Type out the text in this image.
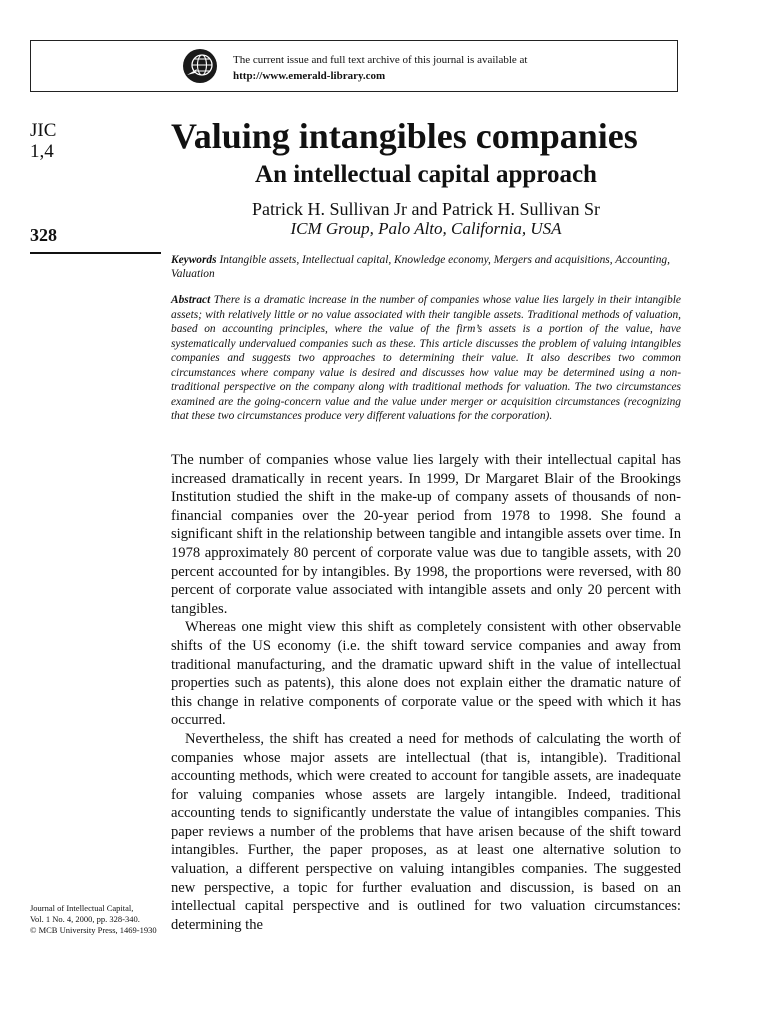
The current issue and full text archive of this journal is available at
http://www.emerald-library.com
JIC
1,4
328
Journal of Intellectual Capital,
Vol. 1 No. 4, 2000, pp. 328-340.
© MCB University Press, 1469-1930
Valuing intangibles companies
An intellectual capital approach
Patrick H. Sullivan Jr and Patrick H. Sullivan Sr
ICM Group, Palo Alto, California, USA
Keywords Intangible assets, Intellectual capital, Knowledge economy, Mergers and acquisitions, Accounting, Valuation
Abstract There is a dramatic increase in the number of companies whose value lies largely in their intangible assets; with relatively little or no value associated with their tangible assets. Traditional methods of valuation, based on accounting principles, where the value of the firm’s assets is a portion of the value, have systematically undervalued companies such as these. This article discusses the problem of valuing intangibles companies and suggests two approaches to determining their value. It also describes two common circumstances where company value is desired and discusses how value may be determined using a non-traditional perspective on the company along with traditional methods for valuation. The two circumstances examined are the going-concern value and the value under merger or acquisition circumstances (recognizing that these two circumstances produce very different valuations for the corporation).

The number of companies whose value lies largely with their intellectual capital has increased dramatically in recent years. In 1999, Dr Margaret Blair of the Brookings Institution studied the shift in the make-up of company assets of thousands of non-financial companies over the 20-year period from 1978 to 1998. She found a significant shift in the relationship between tangible and intangible assets over time. In 1978 approximately 80 percent of corporate value was due to tangible assets, with 20 percent accounted for by intangibles. By 1998, the proportions were reversed, with 80 percent of corporate value associated with intangible assets and only 20 percent with tangibles.

Whereas one might view this shift as completely consistent with other observable shifts of the US economy (i.e. the shift toward service companies and away from traditional manufacturing, and the dramatic upward shift in the value of intellectual properties such as patents), this alone does not explain either the dramatic nature of this change in relative components of corporate value or the speed with which it has occurred.

Nevertheless, the shift has created a need for methods of calculating the worth of companies whose major assets are intellectual (that is, intangible). Traditional accounting methods, which were created to account for tangible assets, are inadequate for valuing companies whose assets are largely intangible. Indeed, traditional accounting tends to significantly understate the value of intangibles companies. This paper reviews a number of the problems that have arisen because of the shift toward intangibles. Further, the paper proposes, as at least one alternative solution to valuation, a different perspective on valuing intangibles companies. The suggested new perspective, a topic for further evaluation and discussion, is based on an intellectual capital perspective and is outlined for two valuation circumstances: determining the
